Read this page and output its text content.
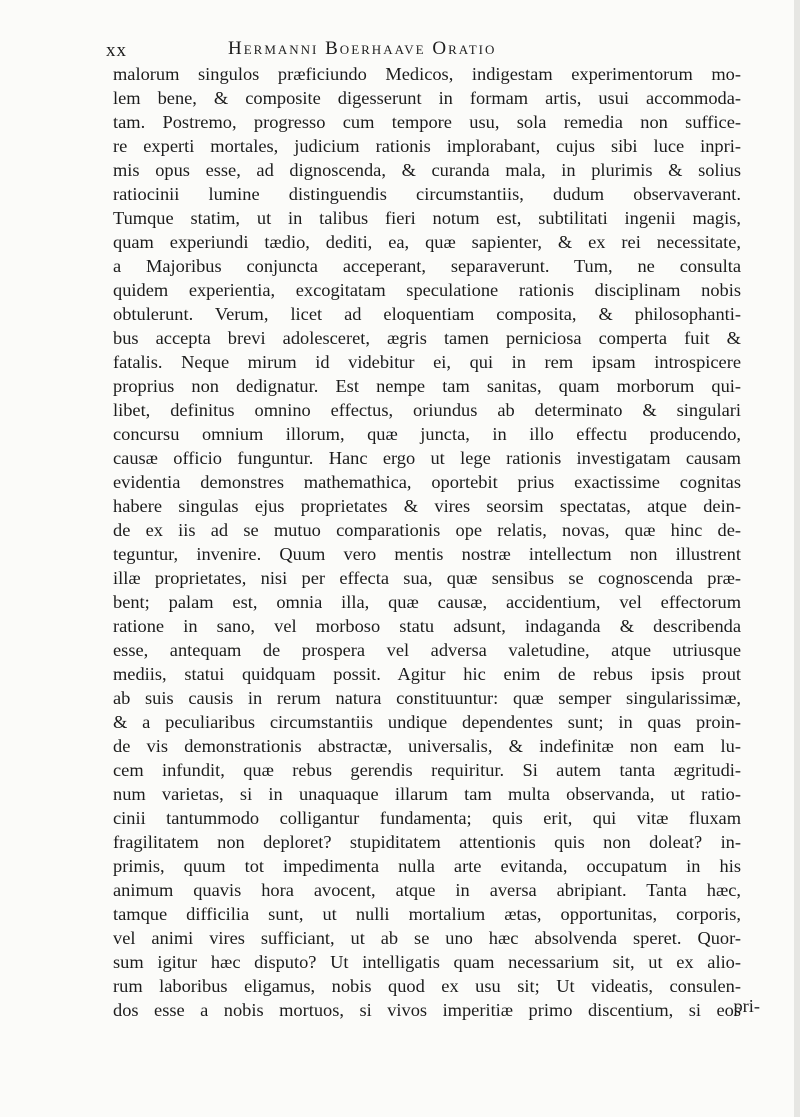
xx	Hermanni Boerhaave Oratio
malorum singulos præficiundo Medicos, indigestam experimentorum mo-
lem bene, & composite digesserunt in formam artis, usui accommoda-
tam. Postremo, progresso cum tempore usu, sola remedia non suffice-
re experti mortales, judicium rationis implorabant, cujus sibi luce inpri-
mis opus esse, ad dignoscenda, & curanda mala, in plurimis & solius
ratiocinii lumine distinguendis circumstantiis, dudum observaverant.
Tumque statim, ut in talibus fieri notum est, subtilitati ingenii magis,
quam experiundi tædio, dediti, ea, quæ sapienter, & ex rei necessitate,
a Majoribus conjuncta acceperant, separaverunt. Tum, ne consulta
quidem experientia, excogitatam speculatione rationis disciplinam nobis
obtulerunt. Verum, licet ad eloquentiam composita, & philosophanti-
bus accepta brevi adolesceret, ægris tamen perniciosa comperta fuit &
fatalis. Neque mirum id videbitur ei, qui in rem ipsam introspicere
proprius non dedignatur. Est nempe tam sanitas, quam morborum qui-
libet, definitus omnino effectus, oriundus ab determinato & singulari
concursu omnium illorum, quæ juncta, in illo effectu producendo,
causæ officio funguntur. Hanc ergo ut lege rationis investigatam causam
evidentia demonstres mathemathica, oportebit prius exactissime cognitas
habere singulas ejus proprietates & vires seorsim spectatas, atque dein-
de ex iis ad se mutuo comparationis ope relatis, novas, quæ hinc de-
teguntur, invenire. Quum vero mentis nostræ intellectum non illustrent
illæ proprietates, nisi per effecta sua, quæ sensibus se cognoscenda præ-
bent; palam est, omnia illa, quæ causæ, accidentium, vel effectorum
ratione in sano, vel morboso statu adsunt, indaganda & describenda
esse, antequam de prospera vel adversa valetudine, atque utriusque
mediis, statui quidquam possit. Agitur hic enim de rebus ipsis prout
ab suis causis in rerum natura constituuntur: quæ semper singularissimæ,
& a peculiaribus circumstantiis undique dependentes sunt; in quas proin-
de vis demonstrationis abstractæ, universalis, & indefinitæ non eam lu-
cem infundit, quæ rebus gerendis requiritur. Si autem tanta ægritudi-
num varietas, si in unaquaque illarum tam multa observanda, ut ratio-
cinii tantummodo colligantur fundamenta; quis erit, qui vitæ fluxam
fragilitatem non deploret? stupiditatem attentionis quis non doleat? in-
primis, quum tot impedimenta nulla arte evitanda, occupatum in his
animum quavis hora avocent, atque in aversa abripiant. Tanta hæc,
tamque difficilia sunt, ut nulli mortalium ætas, opportunitas, corporis,
vel animi vires sufficiant, ut ab se uno hæc absolvenda speret. Quor-
sum igitur hæc disputo? Ut intelligatis quam necessarium sit, ut ex alio-
rum laboribus eligamus, nobis quod ex usu sit; Ut videatis, consulen-
dos esse a nobis mortuos, si vivos imperitiæ primo discentium, si eos
pri-
